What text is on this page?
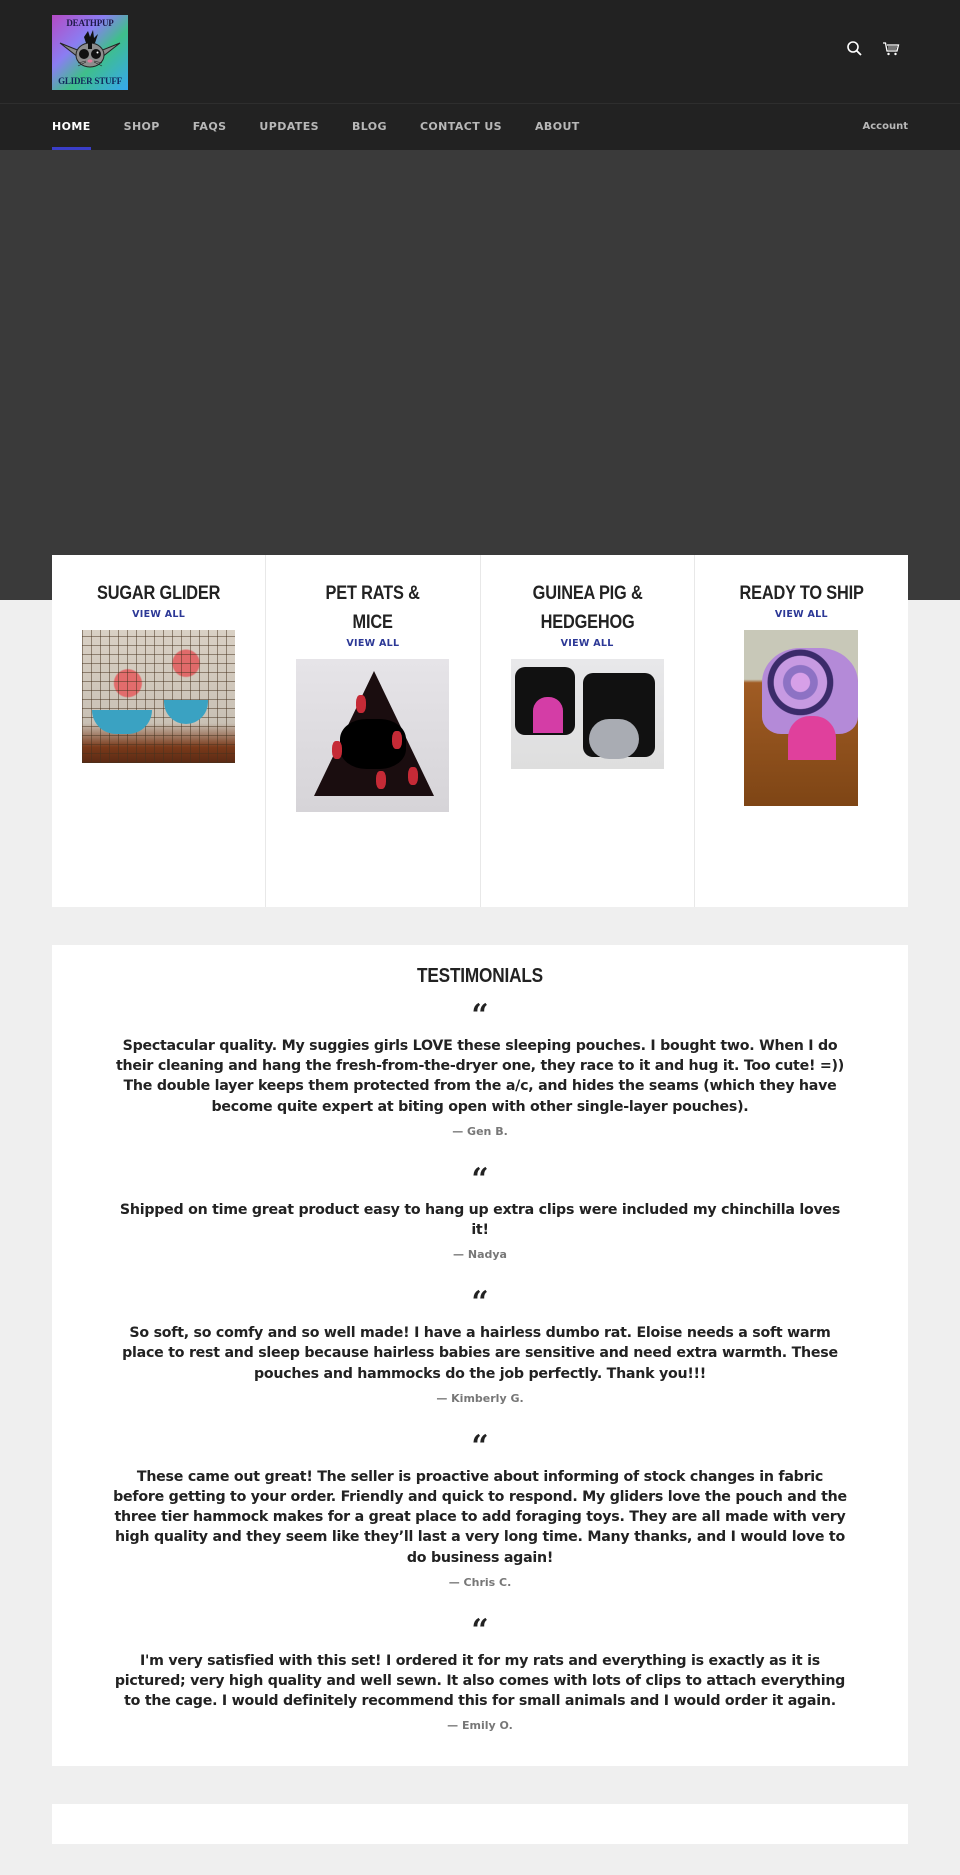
DEATHPUP
GLIDER STUFF
HOME	SHOP	FAQS	UPDATES	BLOG	CONTACT US	ABOUT	Account
SUGAR GLIDER
VIEW ALL
PET RATS & MICE
VIEW ALL
GUINEA PIG & HEDGEHOG
VIEW ALL
READY TO SHIP
VIEW ALL
TESTIMONIALS
“

Spectacular quality. My suggies girls LOVE these sleeping pouches. I bought two. When I do their cleaning and hang the fresh-from-the-dryer one, they race to it and hug it. Too cute! =)) The double layer keeps them protected from the a/c, and hides the seams (which they have become quite expert at biting open with other single-layer pouches).

— Gen B.
“

Shipped on time great product easy to hang up extra clips were included my chinchilla loves it!

— Nadya
“

So soft, so comfy and so well made! I have a hairless dumbo rat. Eloise needs a soft warm place to rest and sleep because hairless babies are sensitive and need extra warmth. These pouches and hammocks do the job perfectly. Thank you!!!

— Kimberly G.
“

These came out great! The seller is proactive about informing of stock changes in fabric before getting to your order. Friendly and quick to respond. My gliders love the pouch and the three tier hammock makes for a great place to add foraging toys. They are all made with very high quality and they seem like they’ll last a very long time. Many thanks, and I would love to do business again!

— Chris C.
“

I'm very satisfied with this set! I ordered it for my rats and everything is exactly as it is pictured; very high quality and well sewn. It also comes with lots of clips to attach everything to the cage. I would definitely recommend this for small animals and I would order it again.

— Emily O.
